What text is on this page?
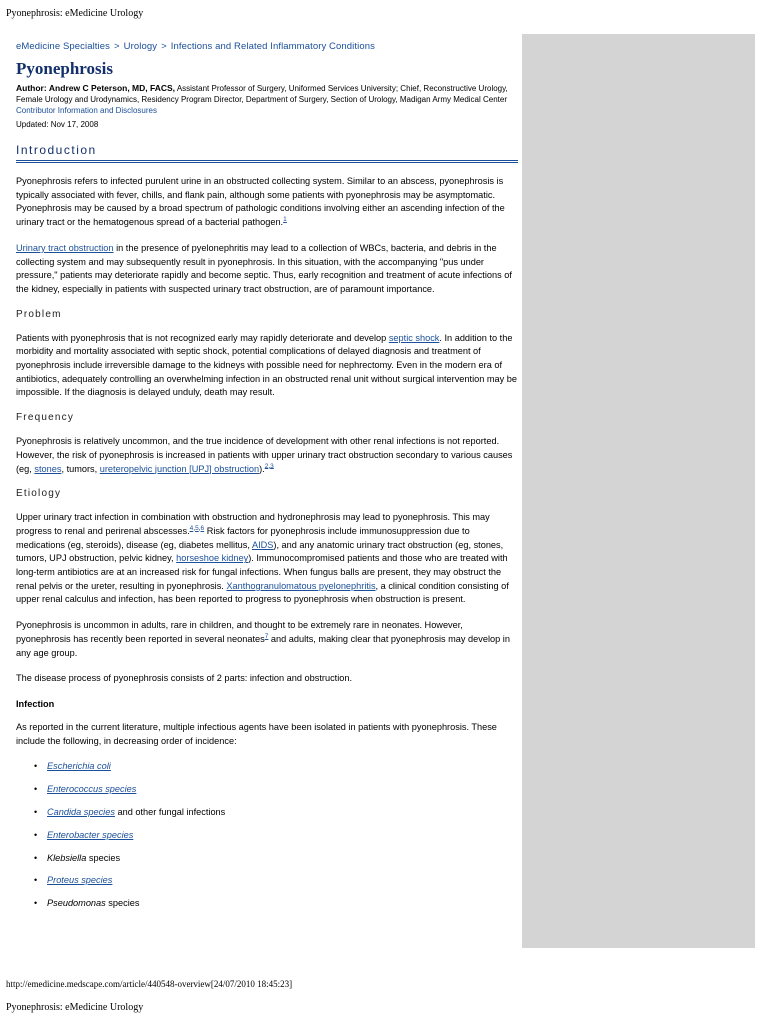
Pyonephrosis: eMedicine Urology
eMedicine Specialties > Urology > Infections and Related Inflammatory Conditions
Pyonephrosis
Author: Andrew C Peterson, MD, FACS, Assistant Professor of Surgery, Uniformed Services University; Chief, Reconstructive Urology, Female Urology and Urodynamics, Residency Program Director, Department of Surgery, Section of Urology, Madigan Army Medical Center
Contributor Information and Disclosures
Updated: Nov 17, 2008
Introduction

Pyonephrosis refers to infected purulent urine in an obstructed collecting system. Similar to an abscess, pyonephrosis is typically associated with fever, chills, and flank pain, although some patients with pyonephrosis may be asymptomatic. Pyonephrosis may be caused by a broad spectrum of pathologic conditions involving either an ascending infection of the urinary tract or the hematogenous spread of a bacterial pathogen.$^1$

Urinary tract obstruction in the presence of pyelonephritis may lead to a collection of WBCs, bacteria, and debris in the collecting system and may subsequently result in pyonephrosis. In this situation, with the accompanying "pus under pressure," patients may deteriorate rapidly and become septic. Thus, early recognition and treatment of acute infections of the kidney, especially in patients with suspected urinary tract obstruction, are of paramount importance.

Problem

Patients with pyonephrosis that is not recognized early may rapidly deteriorate and develop septic shock. In addition to the morbidity and mortality associated with septic shock, potential complications of delayed diagnosis and treatment of pyonephrosis include irreversible damage to the kidneys with possible need for nephrectomy. Even in the modern era of antibiotics, adequately controlling an overwhelming infection in an obstructed renal unit without surgical intervention may be impossible. If the diagnosis is delayed unduly, death may result.

Frequency

Pyonephrosis is relatively uncommon, and the true incidence of development with other renal infections is not reported. However, the risk of pyonephrosis is increased in patients with upper urinary tract obstruction secondary to various causes (eg, stones, tumors, ureteropelvic junction [UPJ] obstruction).$^{2,3}$

Etiology

Upper urinary tract infection in combination with obstruction and hydronephrosis may lead to pyonephrosis. This may progress to renal and perirenal abscesses.$^{4,5,6}$ Risk factors for pyonephrosis include immunosuppression due to medications (eg, steroids), disease (eg, diabetes mellitus, AIDS), and any anatomic urinary tract obstruction (eg, stones, tumors, UPJ obstruction, pelvic kidney, horseshoe kidney). Immunocompromised patients and those who are treated with long-term antibiotics are at an increased risk for fungal infections. When fungus balls are present, they may obstruct the renal pelvis or the ureter, resulting in pyonephrosis. Xanthogranulomatous pyelonephritis, a clinical condition consisting of upper renal calculus and infection, has been reported to progress to pyonephrosis when obstruction is present.

Pyonephrosis is uncommon in adults, rare in children, and thought to be extremely rare in neonates. However, pyonephrosis has recently been reported in several neonates$^7$ and adults, making clear that pyonephrosis may develop in any age group.

The disease process of pyonephrosis consists of 2 parts: infection and obstruction.

Infection

As reported in the current literature, multiple infectious agents have been isolated in patients with pyonephrosis. These include the following, in decreasing order of incidence:

• Escherichia coli
• Enterococcus species
• Candida species and other fungal infections
• Enterobacter species
• Klebsiella species
• Proteus species
• Pseudomonas species
http://emedicine.medscape.com/article/440548-overview[24/07/2010 18:45:23]
Pyonephrosis: eMedicine Urology
